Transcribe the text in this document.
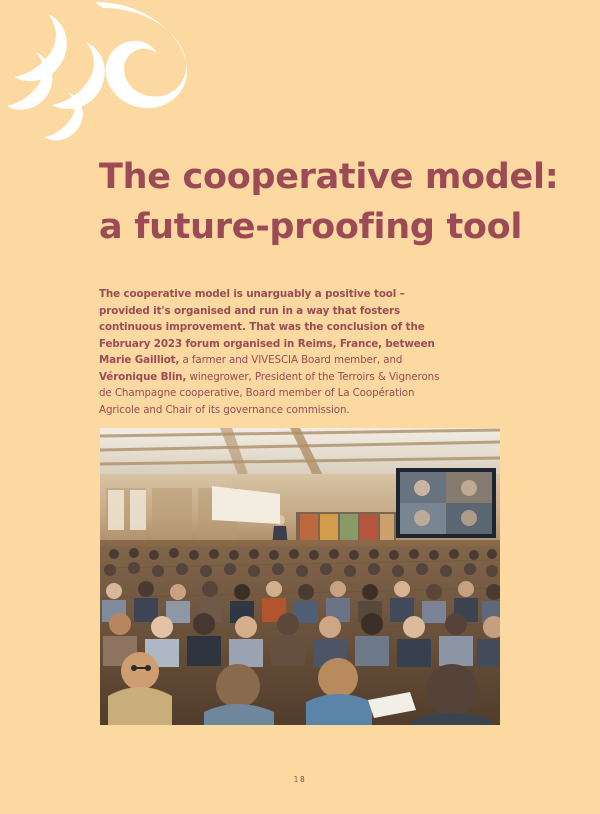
The cooperative model:
a future-proofing tool

The cooperative model is unarguably a positive tool – provided it's organised and run in a way that fosters continuous improvement. That was the conclusion of the February 2023 forum organised in Reims, France, between Marie Gailliot, a farmer and VIVESCIA Board member, and Véronique Blin, winegrower, President of the Terroirs & Vignerons de Champagne cooperative, Board member of La Coopération Agricole and Chair of its governance commission.

18
